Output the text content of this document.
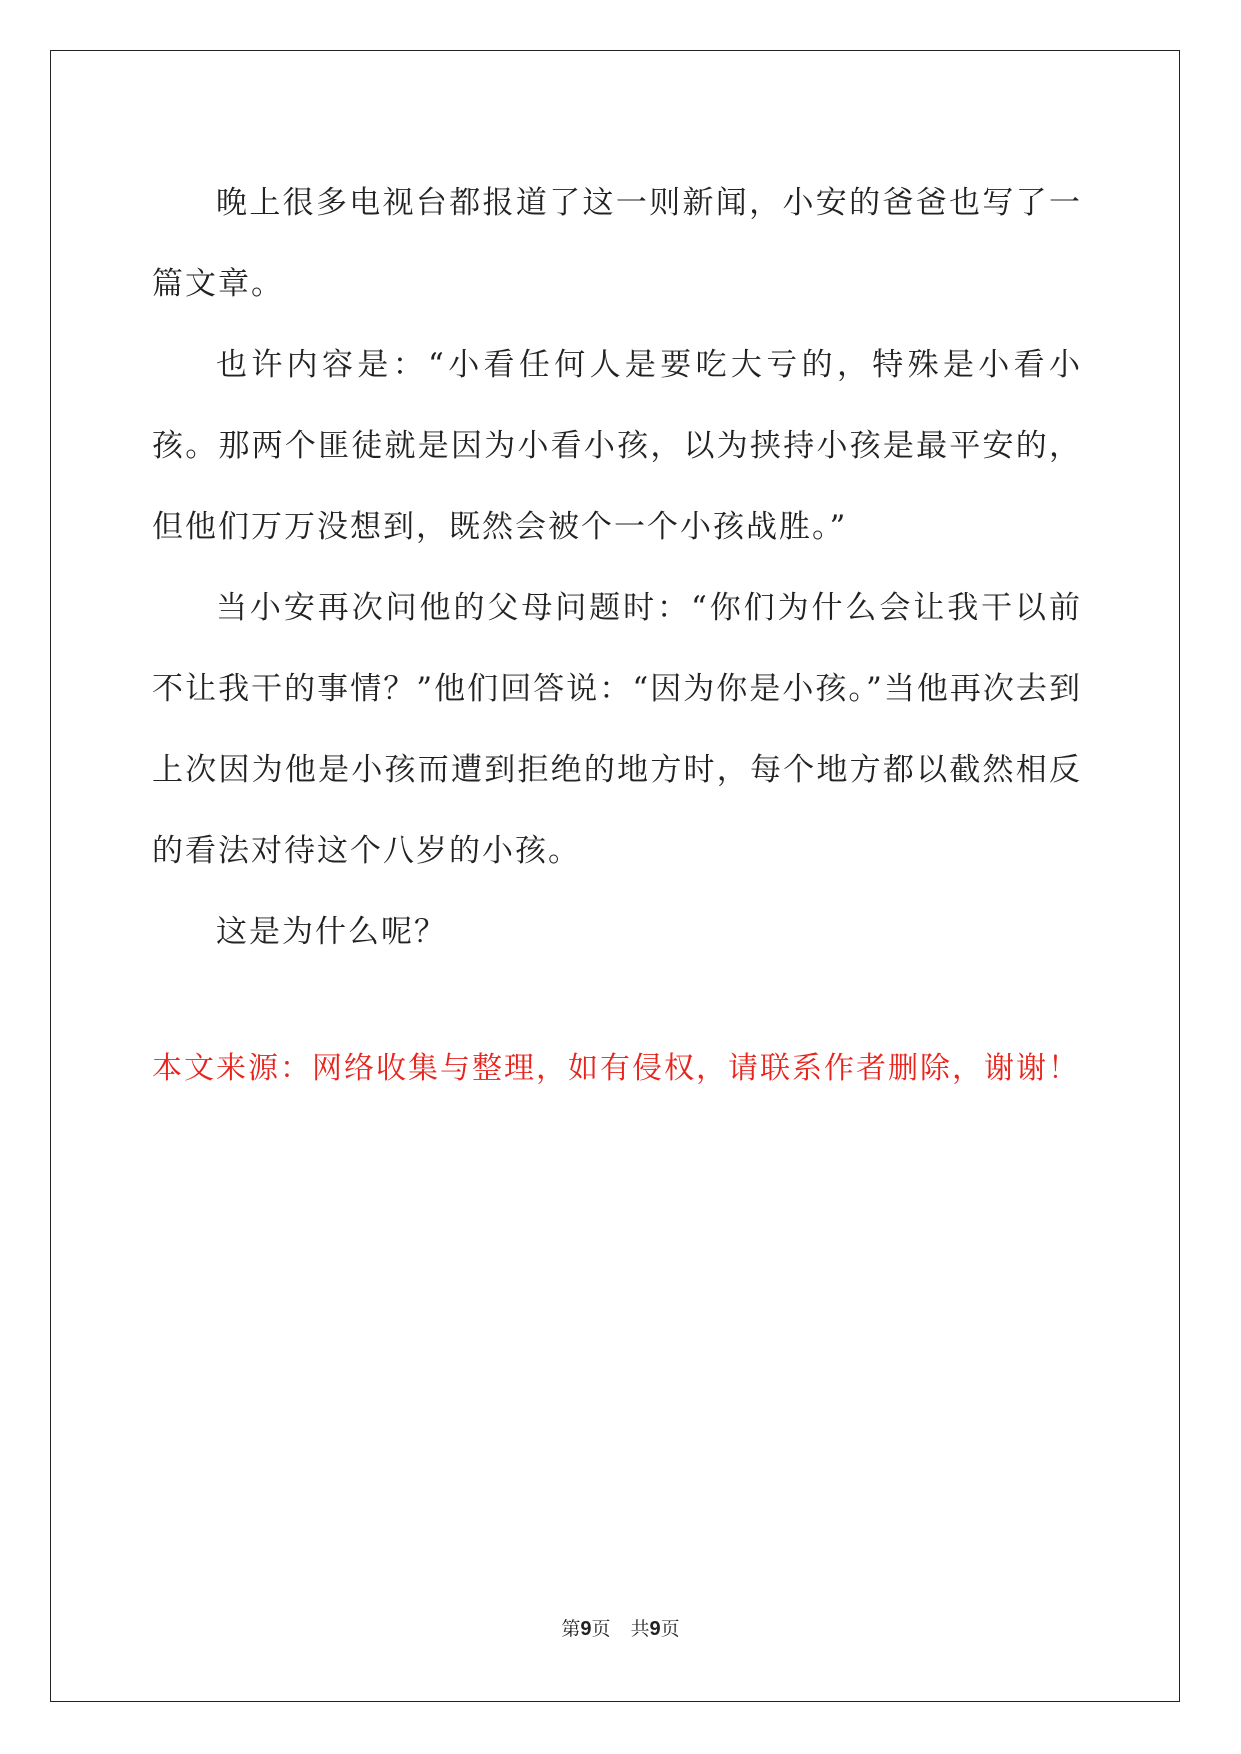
晚上很多电视台都报道了这一则新闻，小安的爸爸也写了一篇文章。

也许内容是：“小看任何人是要吃大亏的，特殊是小看小孩。那两个匪徒就是因为小看小孩，以为挟持小孩是最平安的，但他们万万没想到，既然会被个一个小孩战胜。”

当小安再次问他的父母问题时：“你们为什么会让我干以前不让我干的事情？”他们回答说：“因为你是小孩。”当他再次去到上次因为他是小孩而遭到拒绝的地方时，每个地方都以截然相反的看法对待这个八岁的小孩。

这是为什么呢？

本文来源：网络收集与整理，如有侵权，请联系作者删除，谢谢！

第9页 共9页
